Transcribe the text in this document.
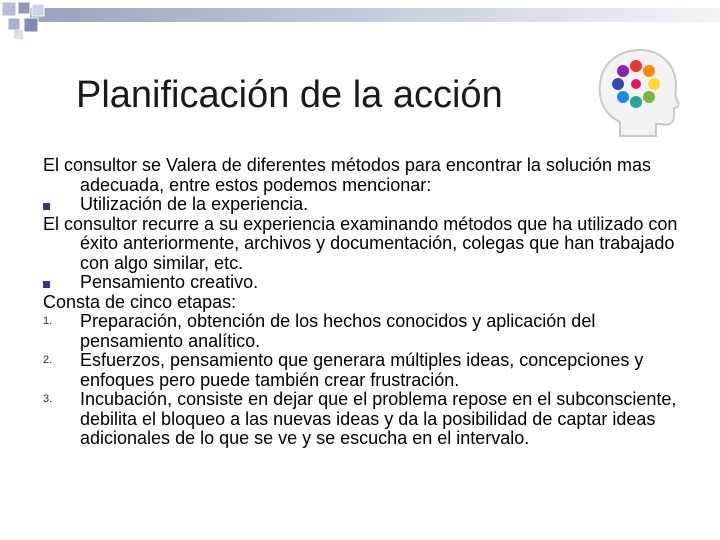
Planificación de la acción
El consultor se Valera de diferentes métodos para encontrar la solución mas adecuada, entre estos podemos mencionar:
Utilización de la experiencia.
El consultor recurre a su experiencia examinando métodos que ha utilizado con éxito anteriormente, archivos y documentación, colegas que han trabajado con algo similar, etc.
Pensamiento creativo.
Consta de cinco etapas:
1. Preparación, obtención de los hechos conocidos y aplicación del pensamiento analítico.
2. Esfuerzos, pensamiento que generara múltiples ideas, concepciones y enfoques pero puede también crear frustración.
3. Incubación, consiste en dejar que el problema repose en el subconsciente, debilita el bloqueo a las nuevas ideas y da la posibilidad de captar ideas adicionales de lo que se ve y se escucha en el intervalo.
